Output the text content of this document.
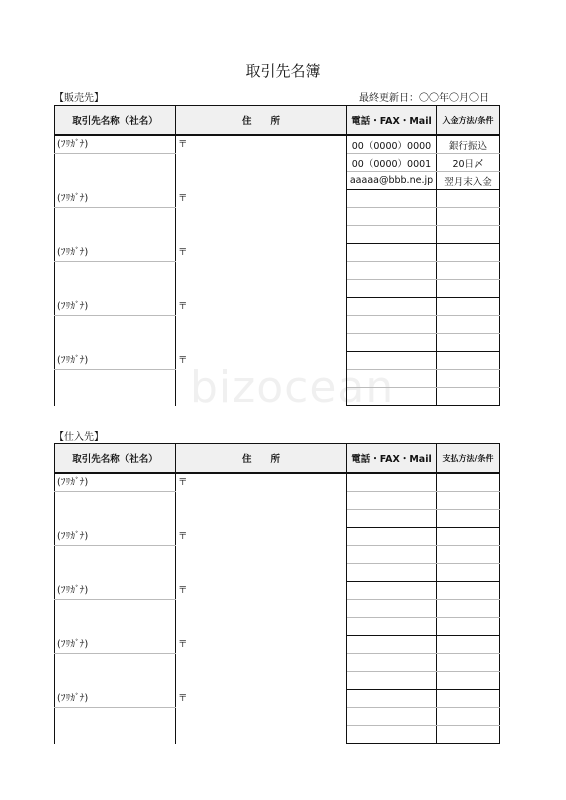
取引先名簿
【販売先】	最終更新日：〇〇年〇月〇日
bizocean
取引先名称（社名）	住　　所	電話・FAX・Mail	入金方法/条件
(ﾌﾘｶﾞﾅ)	〒	00（0000）0000	銀行振込
		00（0000）0001	20日〆
		aaaaa@bbb.ne.jp	翌月末入金
(ﾌﾘｶﾞﾅ)	〒		

(ﾌﾘｶﾞﾅ)	〒		

(ﾌﾘｶﾞﾅ)	〒		

(ﾌﾘｶﾞﾅ)	〒		

【仕入先】
取引先名称（社名）	住　　所	電話・FAX・Mail	支払方法/条件
(ﾌﾘｶﾞﾅ)	〒		

(ﾌﾘｶﾞﾅ)	〒		

(ﾌﾘｶﾞﾅ)	〒		

(ﾌﾘｶﾞﾅ)	〒		

(ﾌﾘｶﾞﾅ)	〒		
